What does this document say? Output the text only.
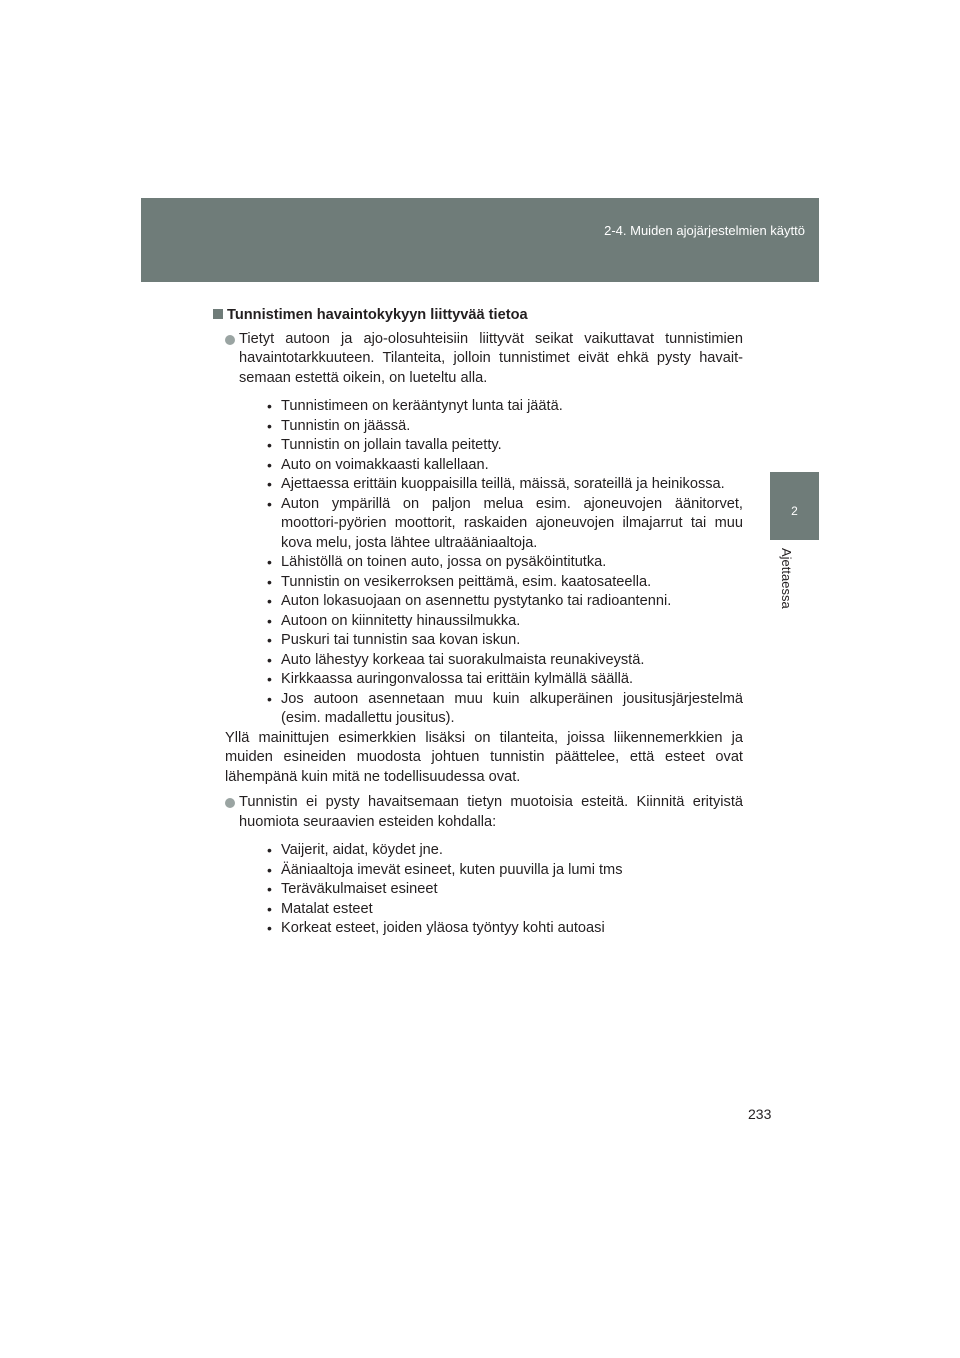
2-4. Muiden ajojärjestelmien käyttö
2
Ajettaessa
Tunnistimen havaintokykyyn liittyvää tietoa
Tietyt autoon ja ajo-olosuhteisiin liittyvät seikat vaikuttavat tunnistimien havaintotarkkuuteen. Tilanteita, jolloin tunnistimet eivät ehkä pysty havait-semaan estettä oikein, on lueteltu alla.
• Tunnistimeen on kerääntynyt lunta tai jäätä.
• Tunnistin on jäässä.
• Tunnistin on jollain tavalla peitetty.
• Auto on voimakkaasti kallellaan.
• Ajettaessa erittäin kuoppaisilla teillä, mäissä, sorateillä ja heinikossa.
• Auton ympärillä on paljon melua esim. ajoneuvojen äänitorvet, moottori-pyörien moottorit, raskaiden ajoneuvojen ilmajarrut tai muu kova melu, josta lähtee ultraääniaaltoja.
• Lähistöllä on toinen auto, jossa on pysäköintitutka.
• Tunnistin on vesikerroksen peittämä, esim. kaatosateella.
• Auton lokasuojaan on asennettu pystytanko tai radioantenni.
• Autoon on kiinnitetty hinaussilmukka.
• Puskuri tai tunnistin saa kovan iskun.
• Auto lähestyy korkeaa tai suorakulmaista reunakiveystä.
• Kirkkaassa auringonvalossa tai erittäin kylmällä säällä.
• Jos autoon asennetaan muu kuin alkuperäinen jousitusjärjestelmä (esim. madallettu jousitus).
Yllä mainittujen esimerkkien lisäksi on tilanteita, joissa liikennemerkkien ja muiden esineiden muodosta johtuen tunnistin päättelee, että esteet ovat lähempänä kuin mitä ne todellisuudessa ovat.
Tunnistin ei pysty havaitsemaan tietyn muotoisia esteitä. Kiinnitä erityistä huomiota seuraavien esteiden kohdalla:
• Vaijerit, aidat, köydet jne.
• Ääniaaltoja imevät esineet, kuten puuvilla ja lumi tms
• Teräväkulmaiset esineet
• Matalat esteet
• Korkeat esteet, joiden yläosa työntyy kohti autoasi
233
